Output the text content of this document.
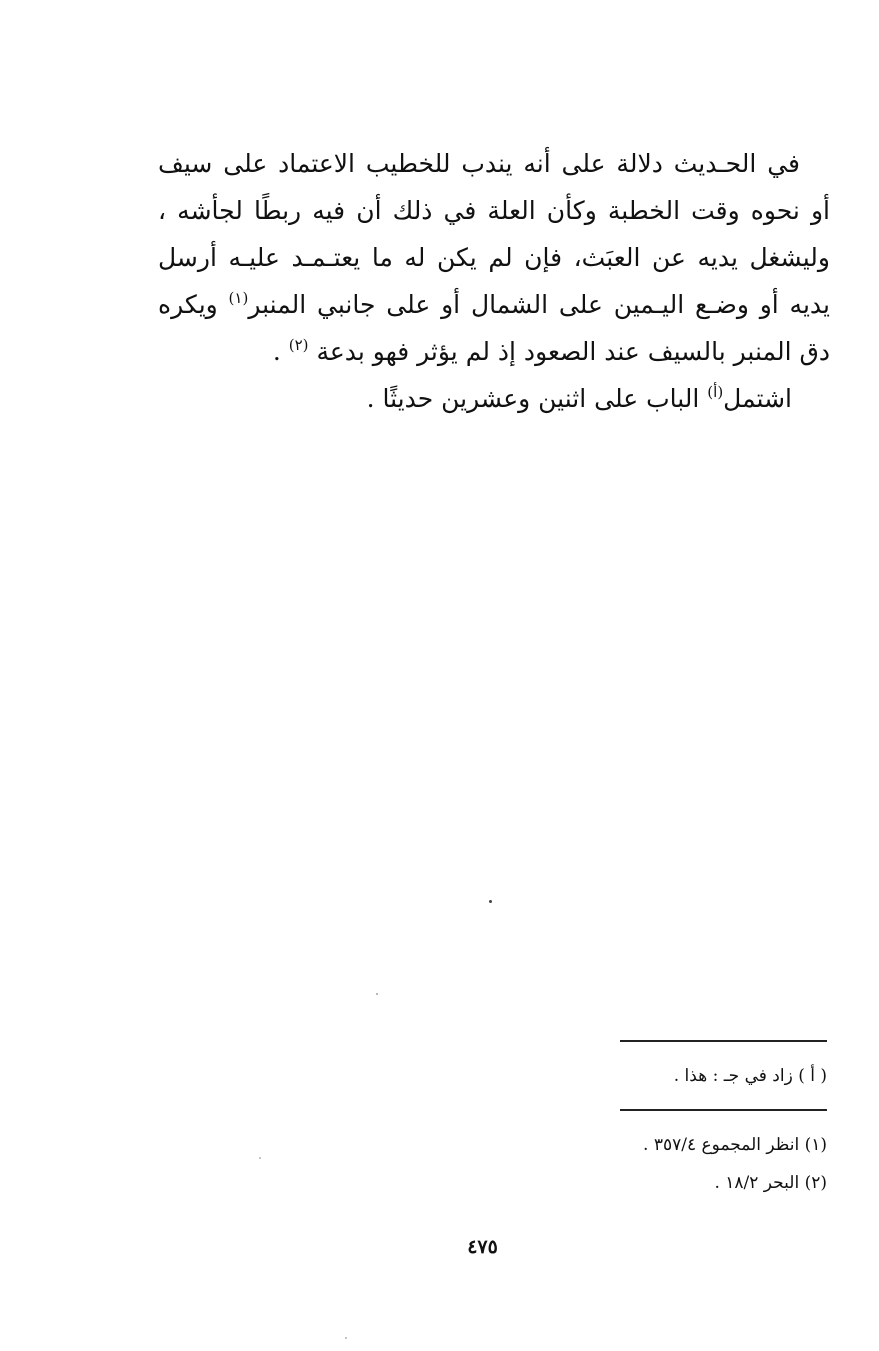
في الحـديث دلالة على أنه يندب للخطيب الاعتماد على سيف أو نحوه وقت الخطبة وكأن العلة في ذلك أن فيه ربطًا لجأشه ، وليشغل يديه عن العبَث، فإن لم يكن له ما يعتـمـد عليـه أرسل يديه أو وضـع اليـمين على الشمال أو على جانبي المنبر$^{(١)}$ ويكره دق المنبر بالسيف عند الصعود إذ لم يؤثر فهو بدعة $^{(٢)}$ .

اشتمل$^{(أ)}$ الباب على اثنين وعشرين حديثًا .

( أ ) زاد في جـ : هذا .
(١) انظر المجموع ٣٥٧/٤ .
(٢) البحر ١٨/٢ .
٤٧٥
